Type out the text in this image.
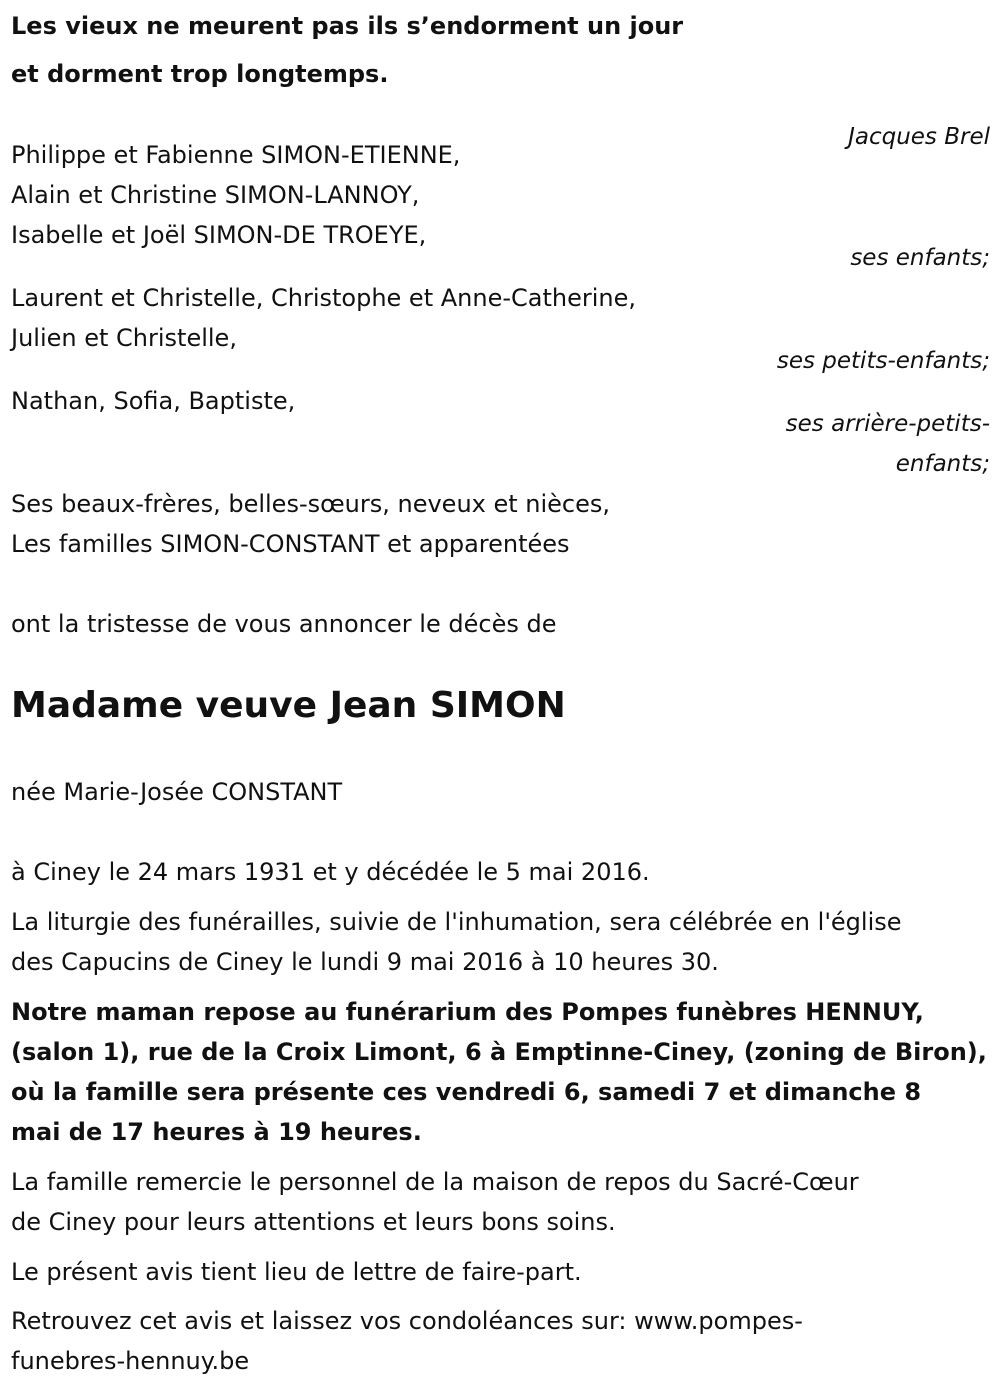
Les vieux ne meurent pas ils s’endorment un jour
et dorment trop longtemps.
Jacques Brel
Philippe et Fabienne SIMON-ETIENNE,
Alain et Christine SIMON-LANNOY,
Isabelle et Joël SIMON-DE TROEYE,
ses enfants;
Laurent et Christelle, Christophe et Anne-Catherine,
Julien et Christelle,
ses petits-enfants;
Nathan, Sofia, Baptiste,
ses arrière-petits-
enfants;
Ses beaux-frères, belles-sœurs, neveux et nièces,
Les familles SIMON-CONSTANT et apparentées
ont la tristesse de vous annoncer le décès de
Madame veuve Jean SIMON
née Marie-Josée CONSTANT
à Ciney le 24 mars 1931 et y décédée le 5 mai 2016.
La liturgie des funérailles, suivie de l'inhumation, sera célébrée en l'église
des Capucins de Ciney le lundi 9 mai 2016 à 10 heures 30.
Notre maman repose au funérarium des Pompes funèbres HENNUY,
(salon 1), rue de la Croix Limont, 6 à Emptinne-Ciney, (zoning de Biron),
où la famille sera présente ces vendredi 6, samedi 7 et dimanche 8
mai de 17 heures à 19 heures.
La famille remercie le personnel de la maison de repos du Sacré-Cœur
de Ciney pour leurs attentions et leurs bons soins.
Le présent avis tient lieu de lettre de faire-part.
Retrouvez cet avis et laissez vos condoléances sur: www.pompes-
funebres-hennuy.be
